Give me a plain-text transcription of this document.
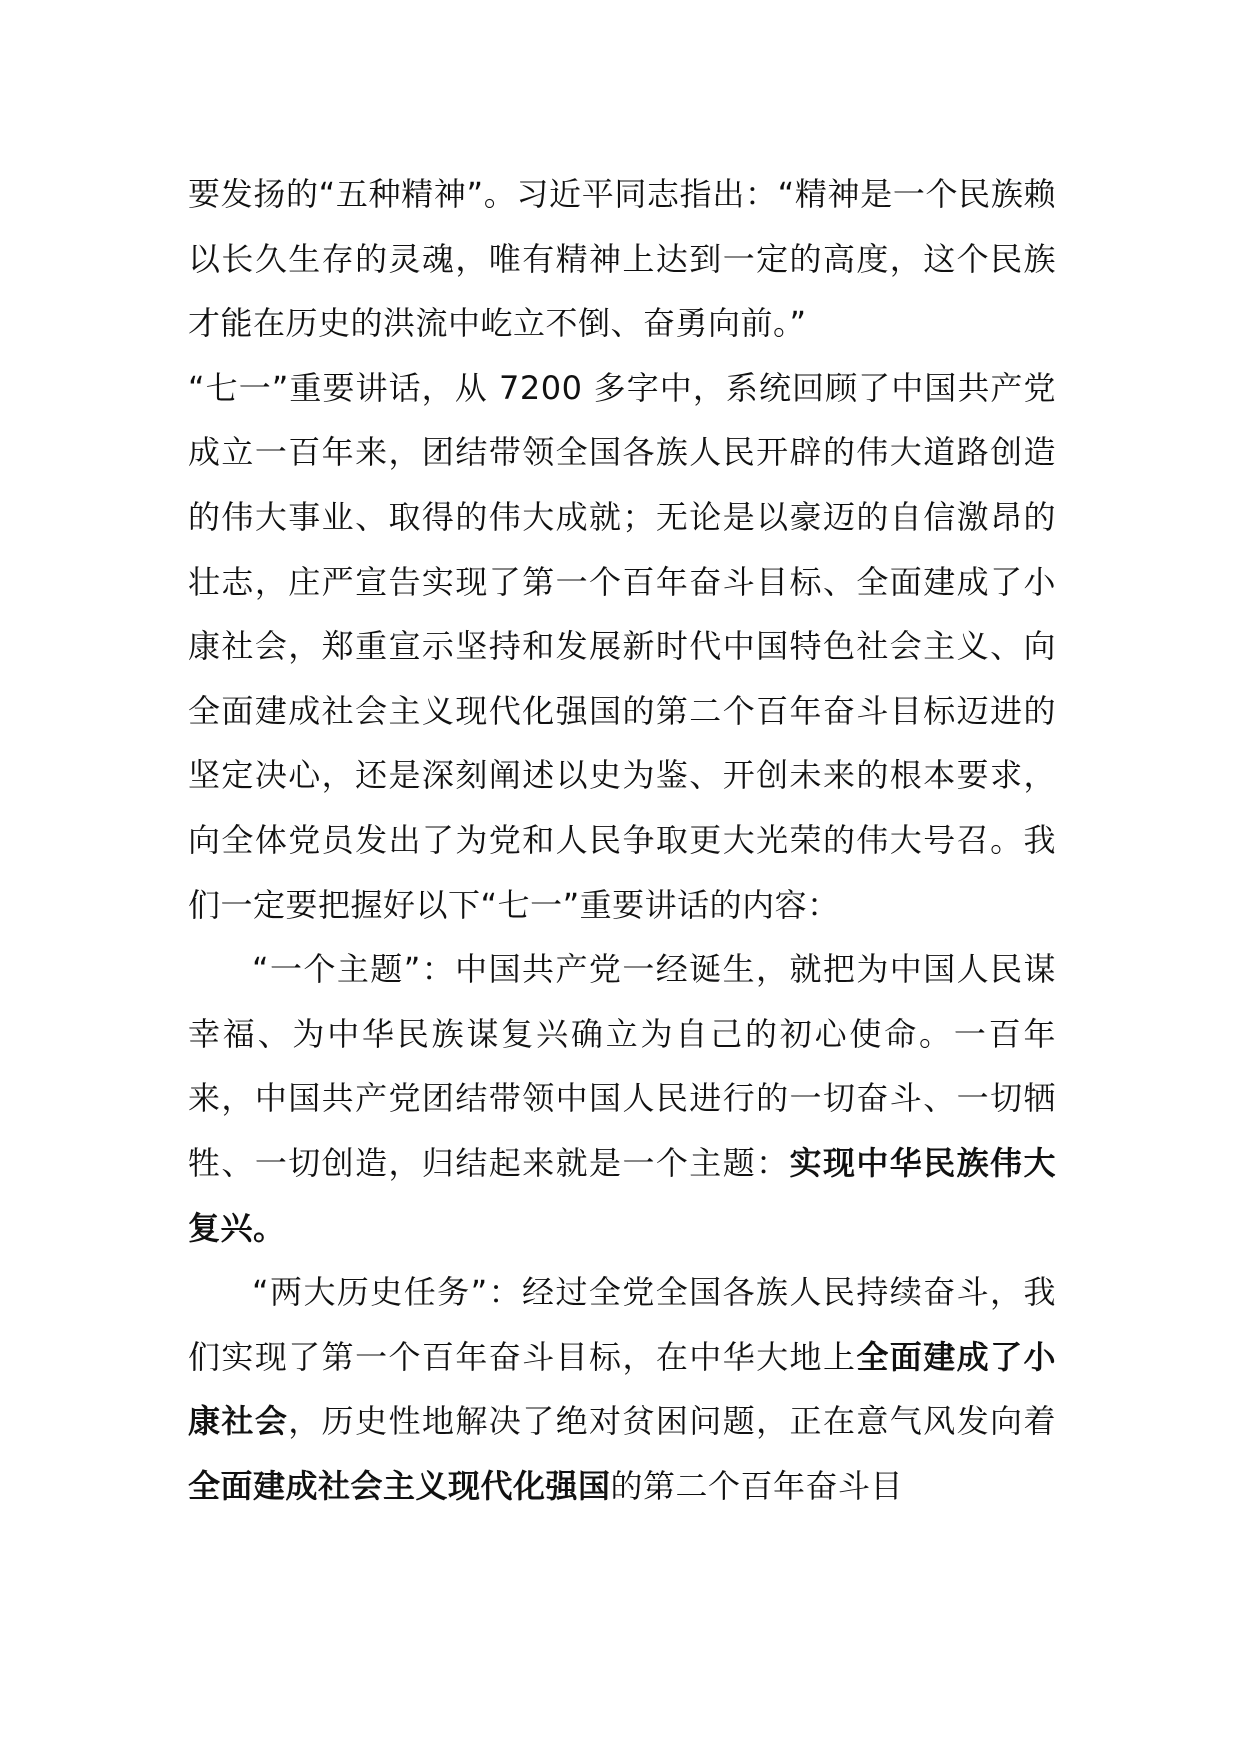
要发扬的“五种精神”。习近平同志指出：“精神是一个民族赖以长久生存的灵魂，唯有精神上达到一定的高度，这个民族才能在历史的洪流中屹立不倒、奋勇向前。”

“七一”重要讲话，从 7200 多字中，系统回顾了中国共产党成立一百年来，团结带领全国各族人民开辟的伟大道路创造的伟大事业、取得的伟大成就；无论是以豪迈的自信激昂的壮志，庄严宣告实现了第一个百年奋斗目标、全面建成了小康社会，郑重宣示坚持和发展新时代中国特色社会主义、向全面建成社会主义现代化强国的第二个百年奋斗目标迈进的坚定决心，还是深刻阐述以史为鉴、开创未来的根本要求，向全体党员发出了为党和人民争取更大光荣的伟大号召。我们一定要把握好以下“七一”重要讲话的内容：

“一个主题”：中国共产党一经诞生，就把为中国人民谋幸福、为中华民族谋复兴确立为自己的初心使命。一百年来，中国共产党团结带领中国人民进行的一切奋斗、一切牺牲、一切创造，归结起来就是一个主题：实现中华民族伟大复兴。

“两大历史任务”：经过全党全国各族人民持续奋斗，我们实现了第一个百年奋斗目标，在中华大地上全面建成了小康社会，历史性地解决了绝对贫困问题，正在意气风发向着全面建成社会主义现代化强国的第二个百年奋斗目
